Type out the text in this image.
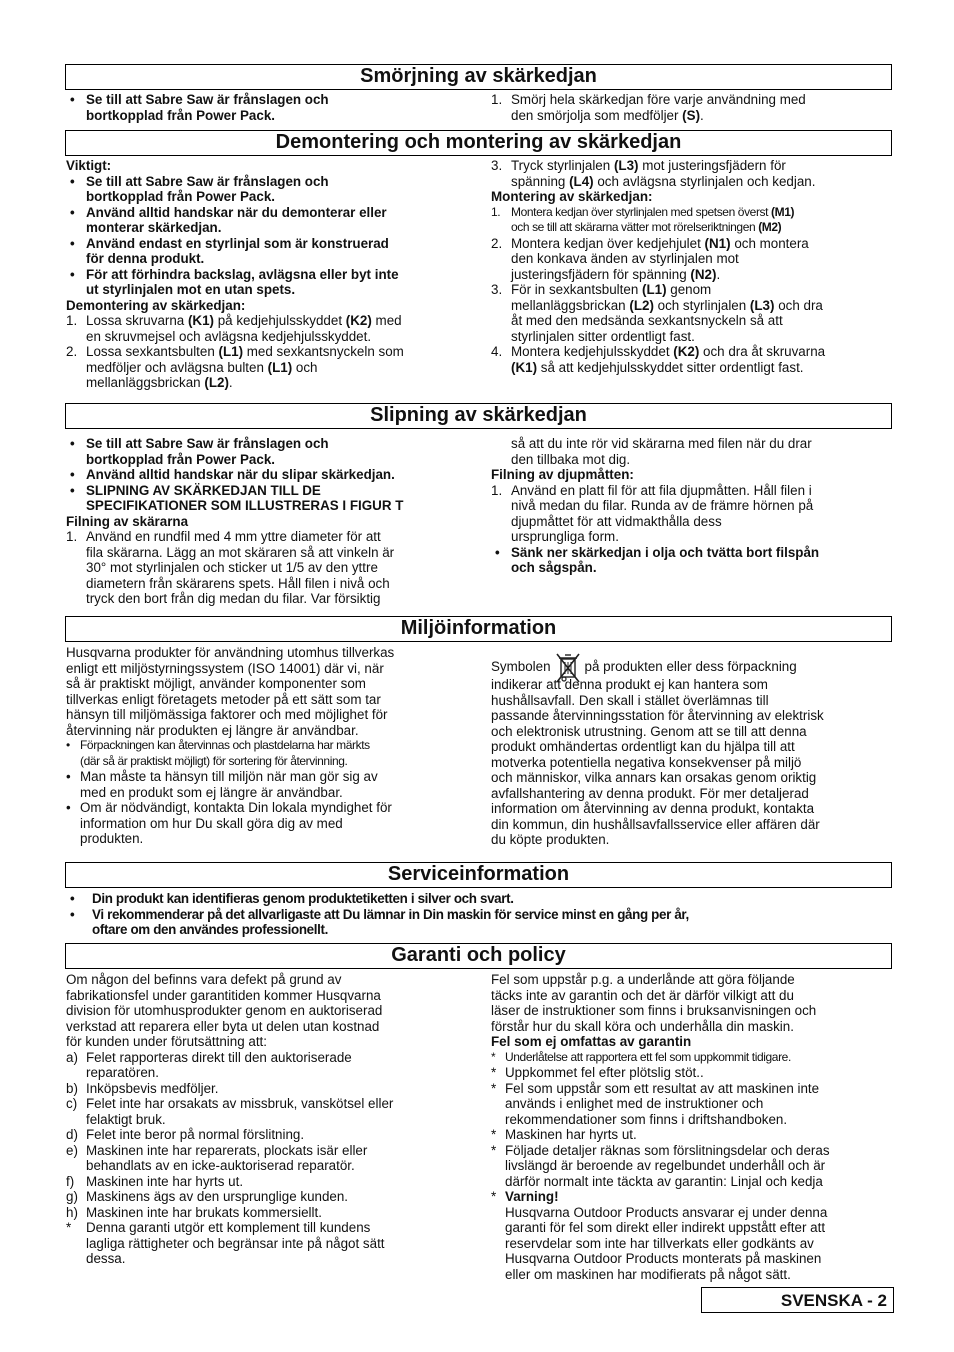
Smörjning av skärkedjan
• Se till att Sabre Saw är frånslagen och
bortkopplad från Power Pack.
1. Smörj hela skärkedjan före varje användning med
den smörjolja som medföljer (S).
Demontering och montering av skärkedjan
Viktigt:
• Se till att Sabre Saw är frånslagen och
bortkopplad från Power Pack.
• Använd alltid handskar när du demonterar eller
monterar skärkedjan.
• Använd endast en styrlinjal som är konstruerad
för denna produkt.
• För att förhindra backslag, avlägsna eller byt inte
ut styrlinjalen mot en utan spets.
Demontering av skärkedjan:
1. Lossa skruvarna (K1) på kedjehjulsskyddet (K2) med
en skruvmejsel och avlägsna kedjehjulsskyddet.
2. Lossa sexkantsbulten (L1) med sexkantsnyckeln som
medföljer och avlägsna bulten (L1) och
mellanläggsbrickan (L2).
3. Tryck styrlinjalen (L3) mot justeringsfjädern för
spänning (L4) och avlägsna styrlinjalen och kedjan.
Montering av skärkedjan:
1. Montera kedjan över styrlinjalen med spetsen överst (M1)
och se till att skärarna vätter mot rörelseriktningen (M2)
2. Montera kedjan över kedjehjulet (N1) och montera
den konkava änden av styrlinjalen mot
justeringsfjädern för spänning (N2).
3. För in sexkantsbulten (L1) genom
mellanläggsbrickan (L2) och styrlinjalen (L3) och dra
åt med den medsända sexkantsnyckeln så att
styrlinjalen sitter ordentligt fast.
4. Montera kedjehjulsskyddet (K2) och dra åt skruvarna
(K1) så att kedjehjulsskyddet sitter ordentligt fast.
Slipning av skärkedjan
• Se till att Sabre Saw är frånslagen och
bortkopplad från Power Pack.
• Använd alltid handskar när du slipar skärkedjan.
• SLIPNING AV SKÄRKEDJAN TILL DE
SPECIFIKATIONER SOM ILLUSTRERAS I FIGUR T
Filning av skärarna
1. Använd en rundfil med 4 mm yttre diameter för att
fila skärarna. Lägg an mot skäraren så att vinkeln är
30° mot styrlinjalen och sticker ut 1/5 av den yttre
diametern från skärarens spets. Håll filen i nivå och
tryck den bort från dig medan du filar. Var försiktig
så att du inte rör vid skärarna med filen när du drar
den tillbaka mot dig.
Filning av djupmåtten:
1. Använd en platt fil för att fila djupmåtten. Håll filen i
nivå medan du filar. Runda av de främre hörnen på
djupmåttet för att vidmakthålla dess
ursprungliga form.
• Sänk ner skärkedjan i olja och tvätta bort filspån
och sågspån.
Miljöinformation
Husqvarna produkter för användning utomhus tillverkas
enligt ett miljöstyrningssystem (ISO 14001) där vi, när
så är praktiskt möjligt, använder komponenter som
tillverkas enligt företagets metoder på ett sätt som tar
hänsyn till miljömässiga faktorer och med möjlighet för
återvinning när produkten ej längre är användbar.
• Förpackningen kan återvinnas och plastdelarna har märkts
(där så är praktiskt möjligt) för sortering för återvinning.
• Man måste ta hänsyn till miljön när man gör sig av
med en produkt som ej längre är användbar.
• Om är nödvändigt, kontakta Din lokala myndighet för
information om hur Du skall göra dig av med
produkten.
Symbolen	på produkten eller dess förpackning
indikerar att denna produkt ej kan hantera som
hushållsavfall. Den skall i stället överlämnas till
passande återvinningsstation för återvinning av elektrisk
och elektronisk utrustning. Genom att se till att denna
produkt omhändertas ordentligt kan du hjälpa till att
motverka potentiella negativa konsekvenser på miljö
och människor, vilka annars kan orsakas genom oriktig
avfallshantering av denna produkt. För mer detaljerad
information om återvinning av denna produkt, kontakta
din kommun, din hushållsavfallsservice eller affären där
du köpte produkten.
Serviceinformation
• Din produkt kan identifieras genom produktetiketten i silver och svart.
• Vi rekommenderar på det allvarligaste att Du lämnar in Din maskin för service minst en gång per år,
oftare om den användes professionellt.
Garanti och policy
Om någon del befinns vara defekt på grund av
fabrikationsfel under garantitiden kommer Husqvarna
division för utomhusprodukter genom en auktoriserad
verkstad att reparera eller byta ut delen utan kostnad
för kunden under förutsättning att:
a) Felet rapporteras direkt till den auktoriserade
reparatören.
b) Inköpsbevis medföljer.
c) Felet inte har orsakats av missbruk, vanskötsel eller
felaktigt bruk.
d) Felet inte beror på normal förslitning.
e) Maskinen inte har reparerats, plockats isär eller
behandlats av en icke-auktoriserad reparatör.
f) Maskinen inte har hyrts ut.
g) Maskinens ägs av den ursprunglige kunden.
h) Maskinen inte har brukats kommersiellt.
* Denna garanti utgör ett komplement till kundens
lagliga rättigheter och begränsar inte på något sätt
dessa.
Fel som uppstår p.g. a underlånde att göra följande
täcks inte av garantin och det är därför vilkigt att du
läser de instruktioner som finns i bruksanvisningen och
förstår hur du skall köra och underhålla din maskin.
Fel som ej omfattas av garantin
* Underlåtelse att rapportera ett fel som uppkommit tidigare.
* Uppkommet fel efter plötslig stöt..
* Fel som uppstår som ett resultat av att maskinen inte
används i enlighet med de instruktioner och
rekommendationer som finns i driftshandboken.
* Maskinen har hyrts ut.
* Följade detaljer räknas som förslitningsdelar och deras
livslängd är beroende av regelbundet underhåll och är
därför normalt inte täckta av garantin: Linjal och kedja
* Varning!
Husqvarna Outdoor Products ansvarar ej under denna
garanti för fel som direkt eller indirekt uppstått efter att
reservdelar som inte har tillverkats eller godkänts av
Husqvarna Outdoor Products monterats på maskinen
eller om maskinen har modifierats på något sätt.
SVENSKA - 2
